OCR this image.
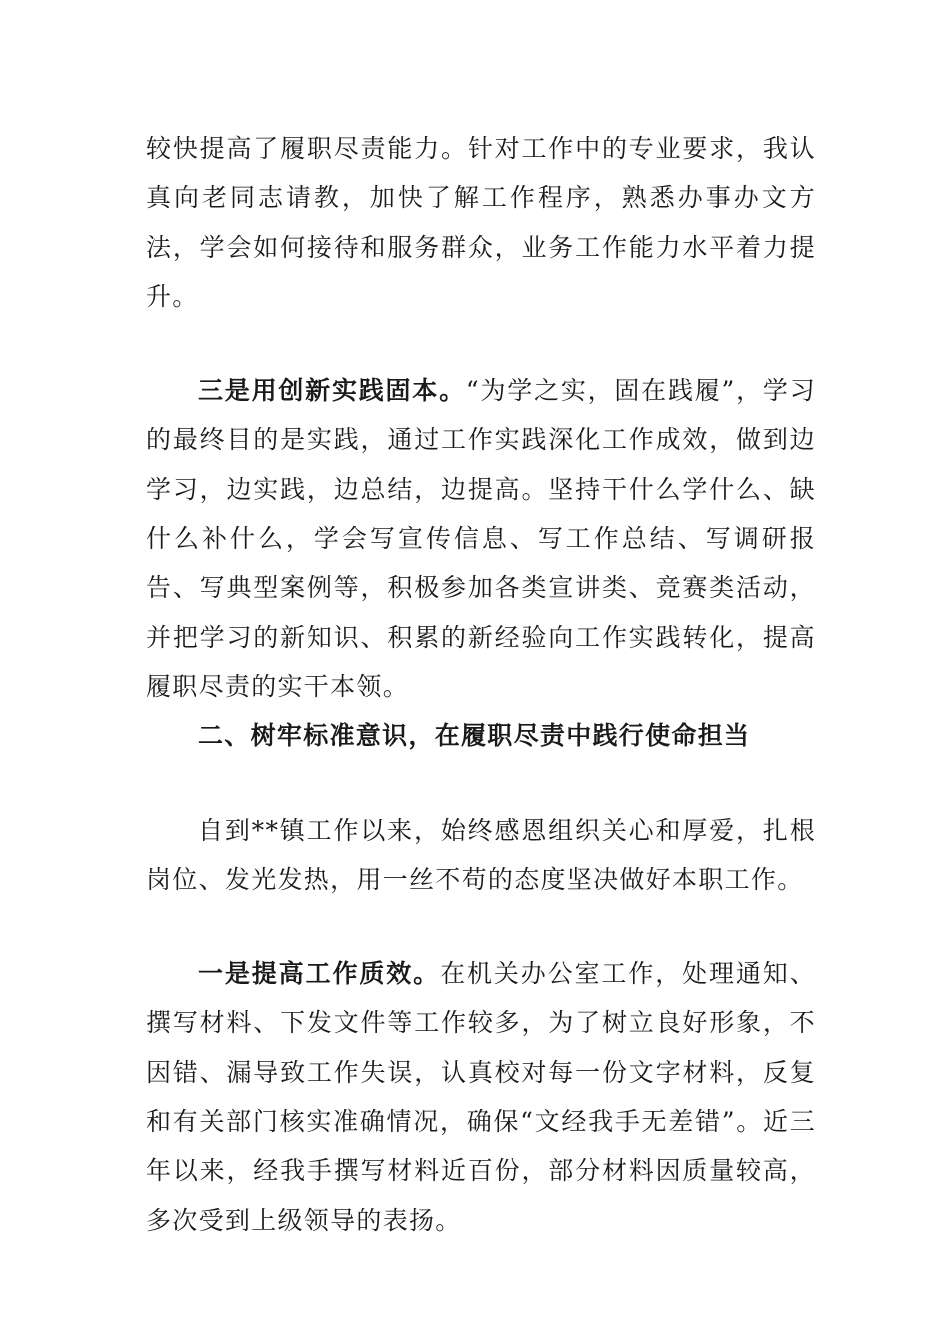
较快提高了履职尽责能力。针对工作中的专业要求，我认真向老同志请教，加快了解工作程序，熟悉办事办文方法，学会如何接待和服务群众，业务工作能力水平着力提升。

三是用创新实践固本。“为学之实，固在践履”，学习的最终目的是实践，通过工作实践深化工作成效，做到边学习，边实践，边总结，边提高。坚持干什么学什么、缺什么补什么，学会写宣传信息、写工作总结、写调研报告、写典型案例等，积极参加各类宣讲类、竞赛类活动，并把学习的新知识、积累的新经验向工作实践转化，提高履职尽责的实干本领。

二、树牢标准意识，在履职尽责中践行使命担当

自到**镇工作以来，始终感恩组织关心和厚爱，扎根岗位、发光发热，用一丝不苟的态度坚决做好本职工作。

一是提高工作质效。在机关办公室工作，处理通知、撰写材料、下发文件等工作较多，为了树立良好形象，不因错、漏导致工作失误，认真校对每一份文字材料，反复和有关部门核实准确情况，确保“文经我手无差错”。近三年以来，经我手撰写材料近百份，部分材料因质量较高，多次受到上级领导的表扬。
